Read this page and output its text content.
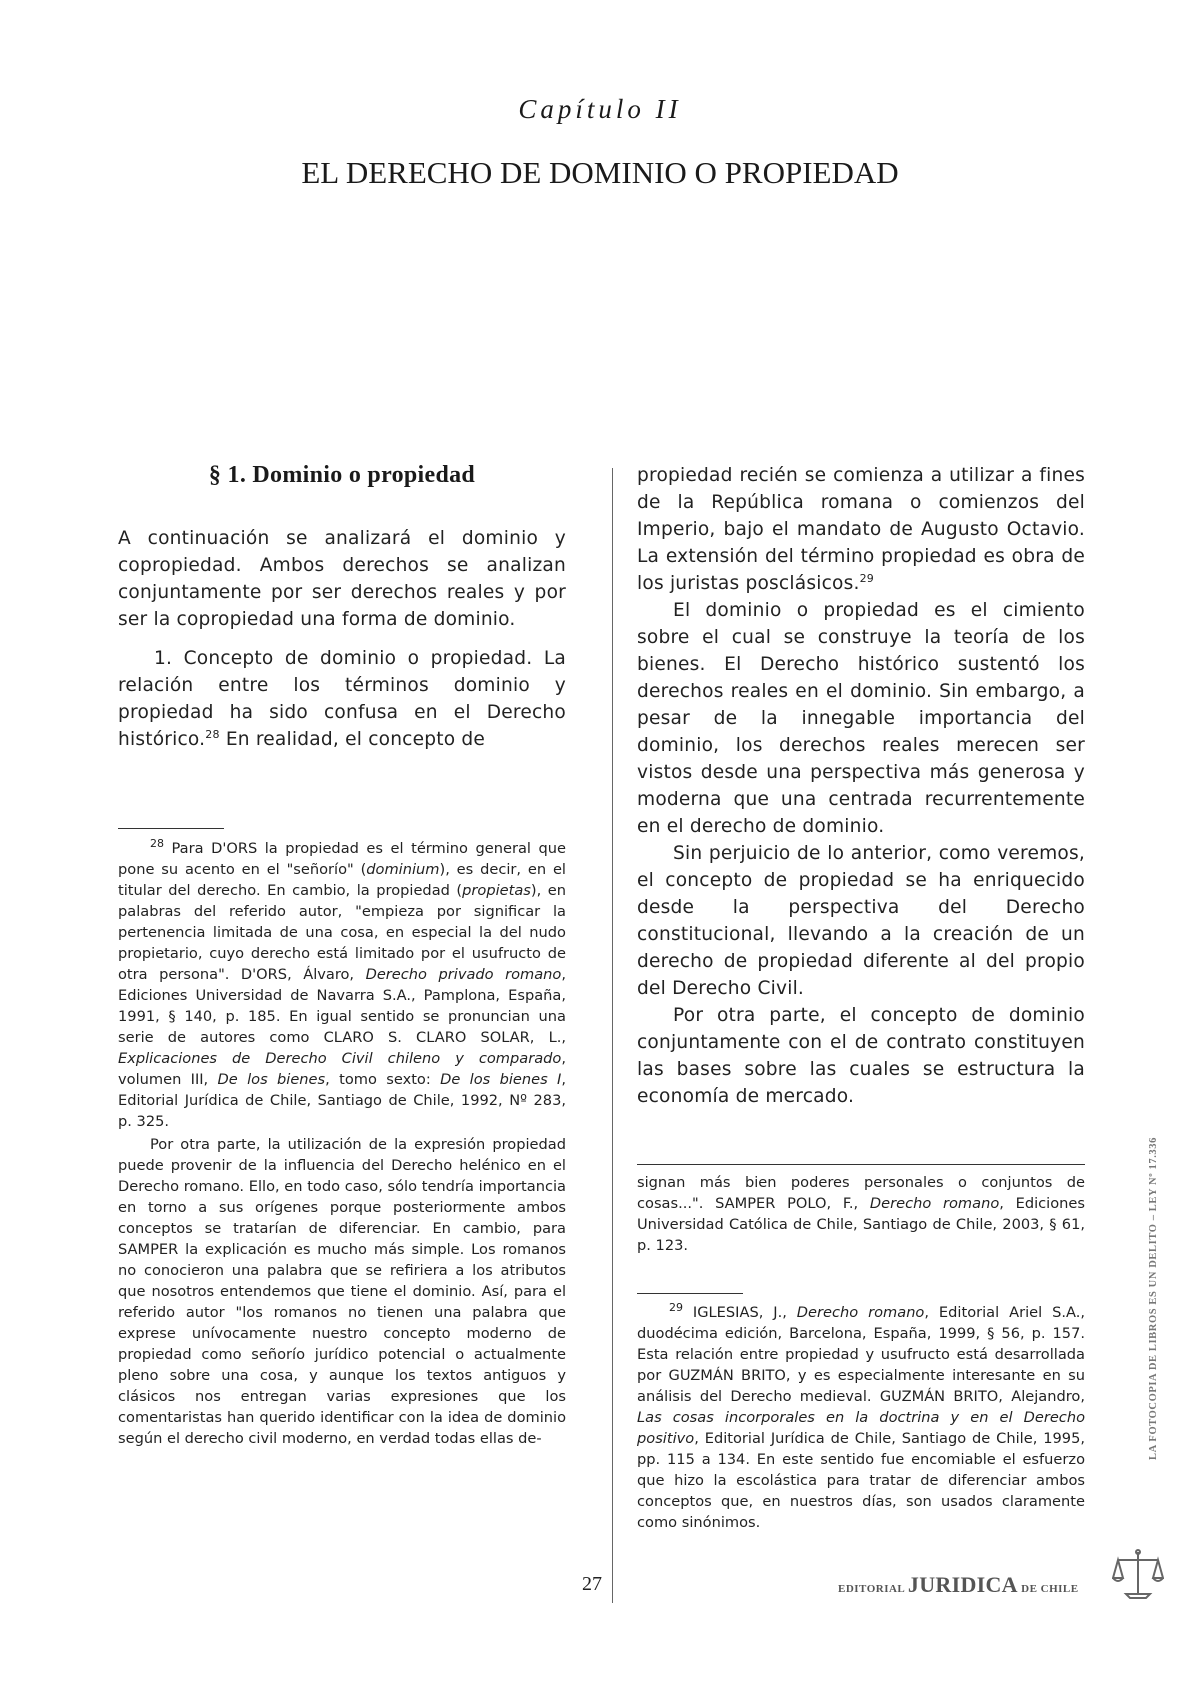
Capítulo II
EL DERECHO DE DOMINIO O PROPIEDAD
§ 1. Dominio o propiedad

A continuación se analizará el dominio y copropiedad. Ambos derechos se analizan conjuntamente por ser derechos reales y por ser la copropiedad una forma de dominio.

1. Concepto de dominio o propiedad. La relación entre los términos dominio y propiedad ha sido confusa en el Derecho histórico.$^{28}$ En realidad, el concepto de

propiedad recién se comienza a utilizar a fines de la República romana o comienzos del Imperio, bajo el mandato de Augusto Octavio. La extensión del término propiedad es obra de los juristas posclásicos.$^{29}$

El dominio o propiedad es el cimiento sobre el cual se construye la teoría de los bienes. El Derecho histórico sustentó los derechos reales en el dominio. Sin embargo, a pesar de la innegable importancia del dominio, los derechos reales merecen ser vistos desde una perspectiva más generosa y moderna que una centrada recurrentemente en el derecho de dominio.

Sin perjuicio de lo anterior, como veremos, el concepto de propiedad se ha enriquecido desde la perspectiva del Derecho constitucional, llevando a la creación de un derecho de propiedad diferente al del propio del Derecho Civil.

Por otra parte, el concepto de dominio conjuntamente con el de contrato constituyen las bases sobre las cuales se estructura la economía de mercado.

$^{28}$ Para D'ORS la propiedad es el término general que pone su acento en el "señorío" (dominium), es decir, en el titular del derecho. En cambio, la propiedad (propietas), en palabras del referido autor, "empieza por significar la pertenencia limitada de una cosa, en especial la del nudo propietario, cuyo derecho está limitado por el usufructo de otra persona". D'ORS, Álvaro, Derecho privado romano, Ediciones Universidad de Navarra S.A., Pamplona, España, 1991, § 140, p. 185. En igual sentido se pronuncian una serie de autores como CLARO S. CLARO SOLAR, L., Explicaciones de Derecho Civil chileno y comparado, volumen III, De los bienes, tomo sexto: De los bienes I, Editorial Jurídica de Chile, Santiago de Chile, 1992, Nº 283, p. 325.

Por otra parte, la utilización de la expresión propiedad puede provenir de la influencia del Derecho helénico en el Derecho romano. Ello, en todo caso, sólo tendría importancia en torno a sus orígenes porque posteriormente ambos conceptos se tratarían de diferenciar. En cambio, para SAMPER la explicación es mucho más simple. Los romanos no conocieron una palabra que se refiriera a los atributos que nosotros entendemos que tiene el dominio. Así, para el referido autor "los romanos no tienen una palabra que exprese unívocamente nuestro concepto moderno de propiedad como señorío jurídico potencial o actualmente pleno sobre una cosa, y aunque los textos antiguos y clásicos nos entregan varias expresiones que los comentaristas han querido identificar con la idea de dominio según el derecho civil moderno, en verdad todas ellas de-

signan más bien poderes personales o conjuntos de cosas...". SAMPER POLO, F., Derecho romano, Ediciones Universidad Católica de Chile, Santiago de Chile, 2003, § 61, p. 123.

$^{29}$ IGLESIAS, J., Derecho romano, Editorial Ariel S.A., duodécima edición, Barcelona, España, 1999, § 56, p. 157. Esta relación entre propiedad y usufructo está desarrollada por GUZMÁN BRITO, y es especialmente interesante en su análisis del Derecho medieval. GUZMÁN BRITO, Alejandro, Las cosas incorporales en la doctrina y en el Derecho positivo, Editorial Jurídica de Chile, Santiago de Chile, 1995, pp. 115 a 134. En este sentido fue encomiable el esfuerzo que hizo la escolástica para tratar de diferenciar ambos conceptos que, en nuestros días, son usados claramente como sinónimos.

27	EDITORIAL JURIDICA DE CHILE
LA FOTOCOPIA DE LIBROS ES UN DELITO – LEY Nº 17.336
